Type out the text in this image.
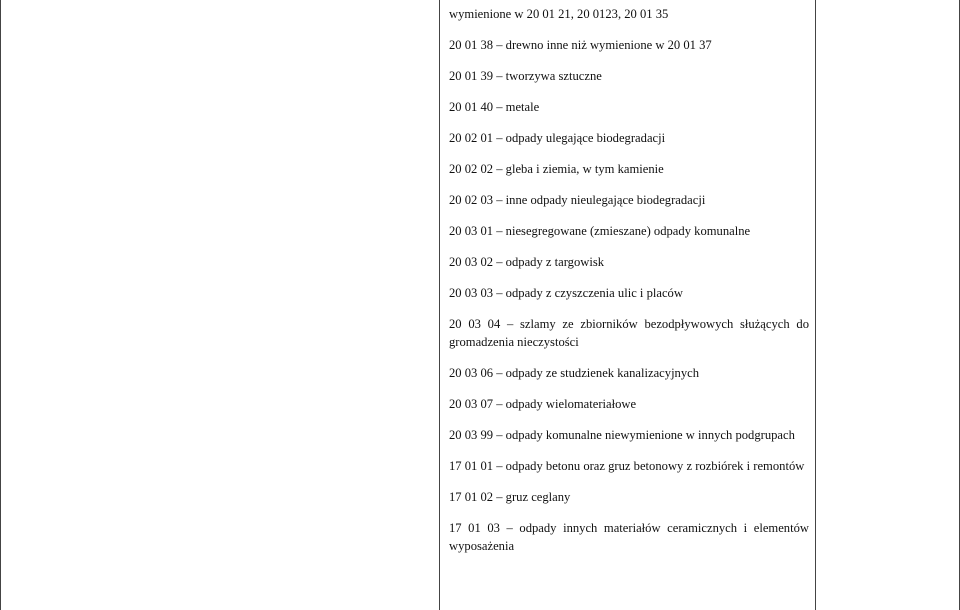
wymienione w 20 01 21, 20 0123, 20 01 35
20 01 38 – drewno inne niż wymienione w 20 01 37
20 01 39 – tworzywa sztuczne
20 01 40 – metale
20 02 01 – odpady ulegające biodegradacji
20 02 02 – gleba i ziemia, w tym kamienie
20 02 03 – inne odpady nieulegające biodegradacji
20 03 01 – niesegregowane (zmieszane) odpady komunalne
20 03 02 – odpady z targowisk
20 03 03 – odpady z czyszczenia ulic i placów
20 03 04 – szlamy ze zbiorników bezodpływowych służących do gromadzenia nieczystości
20 03 06 – odpady ze studzienek kanalizacyjnych
20 03 07 – odpady wielomateriałowe
20 03 99 – odpady komunalne niewymienione w innych podgrupach
17 01 01 – odpady betonu oraz gruz betonowy z rozbiórek i remontów
17 01 02 – gruz ceglany
17 01 03 – odpady innych materiałów ceramicznych i elementów wyposażenia
